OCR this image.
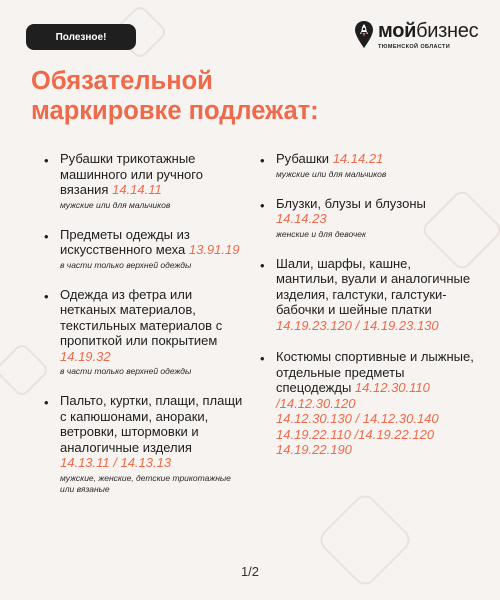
Полезное!	мой бизнес
ТЮМЕНСКОЙ ОБЛАСТИ
Обязательной
маркировке подлежат:
• Рубашки трикотажные машинного или ручного вязания 14.14.11
мужские или для мальчиков
• Предметы одежды из искусственного меха 13.91.19
в части только верхней одежды
• Одежда из фетра или нетканых материалов, текстильных материалов с пропиткой или покрытием 14.19.32
в части только верхней одежды
• Пальто, куртки, плащи, плащи с капюшонами, анораки, ветровки, штормовки и аналогичные изделия 14.13.11 / 14.13.13
мужские, женские, детские трикотажные или вязаные
• Рубашки 14.14.21
мужские или для мальчиков
• Блузки, блузы и блузоны 14.14.23
женские и для девочек
• Шали, шарфы, кашне, мантильи, вуали и аналогичные изделия, галстуки, галстуки-бабочки и шейные платки 14.19.23.120 / 14.19.23.130
• Костюмы спортивные и лыжные, отдельные предметы спецодежды 14.12.30.110 /14.12.30.120
14.12.30.130 / 14.12.30.140
14.19.22.110 /14.19.22.120
14.19.22.190
1/2
